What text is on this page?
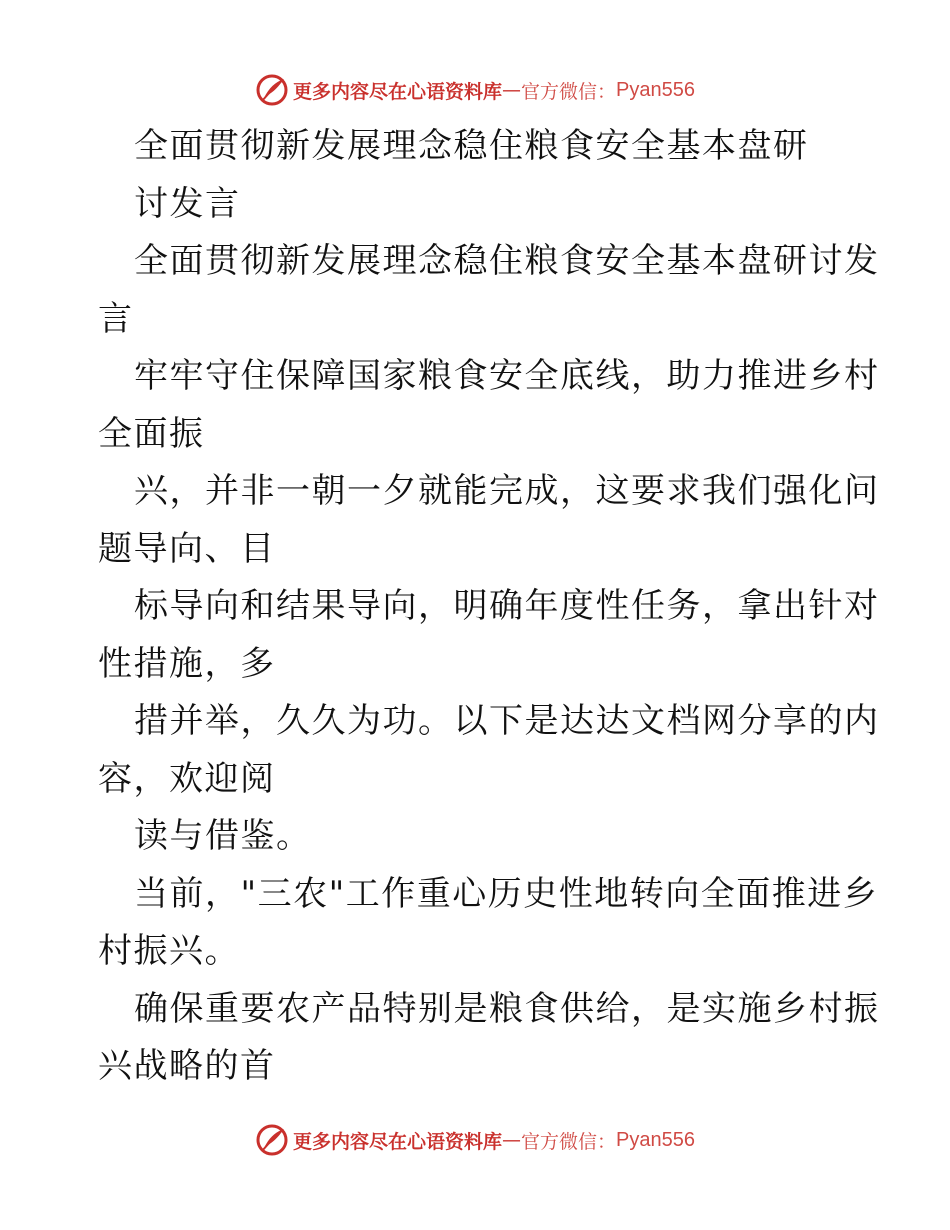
更多内容尽在心语资料库 — 官方微信： Pyan556
全面贯彻新发展理念稳住粮食安全基本盘研
讨发言
全面贯彻新发展理念稳住粮食安全基本盘研讨发
言
牢牢守住保障国家粮食安全底线，助力推进乡村
全面振
兴，并非一朝一夕就能完成，这要求我们强化问
题导向、目
标导向和结果导向，明确年度性任务，拿出针对
性措施，多
措并举，久久为功。以下是达达文档网分享的内
容，欢迎阅
读与借鉴。
当前，"三农"工作重心历史性地转向全面推进乡
村振兴。
确保重要农产品特别是粮食供给，是实施乡村振
兴战略的首
更多内容尽在心语资料库 — 官方微信： Pyan556
